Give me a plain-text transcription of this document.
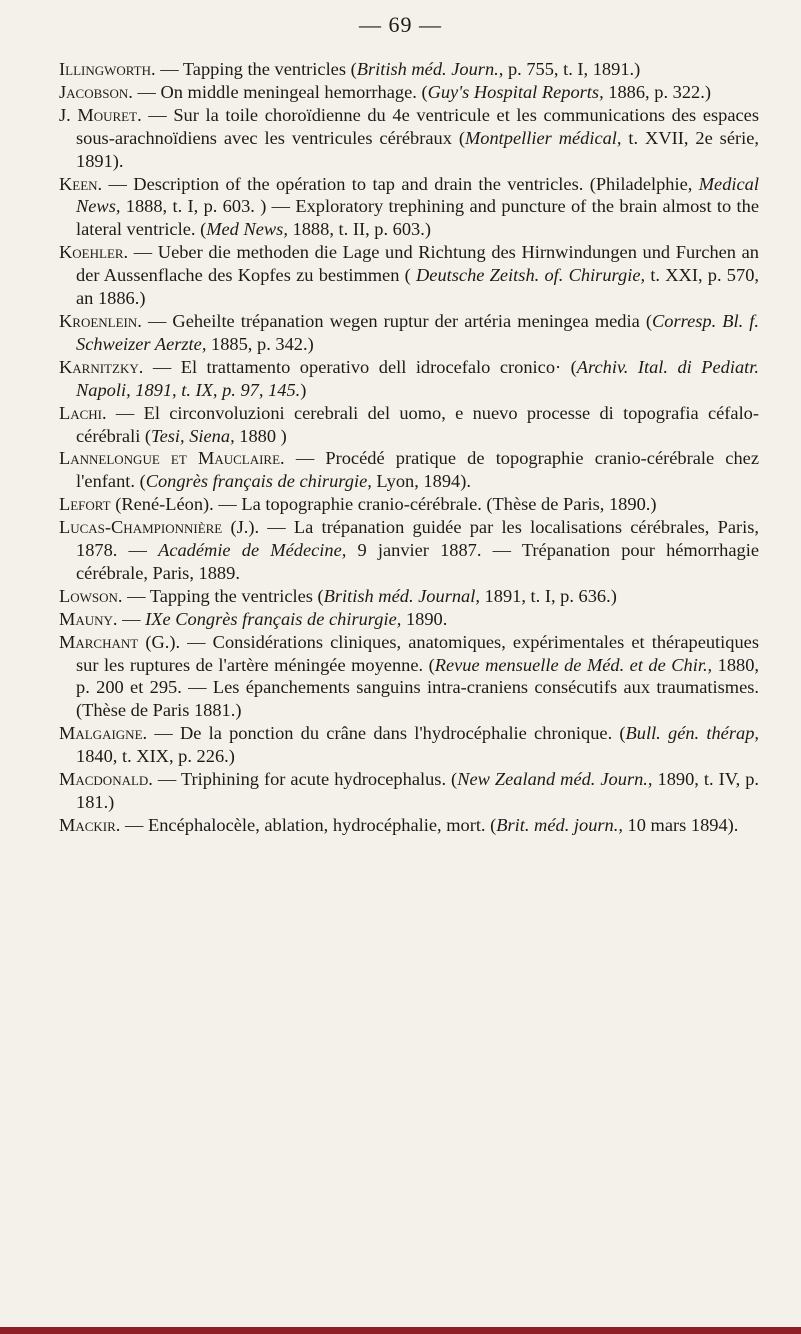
— 69 —

Illingworth. — Tapping the ventricles (British méd. Journ., p. 755, t. I, 1891.)

Jacobson. — On middle meningeal hemorrhage. (Guy's Hospital Reports, 1886, p. 322.)

J. Mouret. — Sur la toile choroïdienne du 4e ventricule et les communications des espaces sous-arachnoïdiens avec les ventricules cérébraux (Montpellier médical, t. XVII, 2e série, 1891).

Keen. — Description of the opération to tap and drain the ventricles. (Philadelphie, Medical News, 1888, t. I, p. 603. ) — Exploratory trephining and puncture of the brain almost to the lateral ventricle. (Med News, 1888, t. II, p. 603.)

Koehler. — Ueber die methoden die Lage und Richtung des Hirnwindungen und Furchen an der Aussenflache des Kopfes zu bestimmen ( Deutsche Zeitsh. of. Chirurgie, t. XXI, p. 570, an 1886.)

Kroenlein. — Geheilte trépanation wegen ruptur der artéria meningea media (Corresp. Bl. f. Schweizer Aerzte, 1885, p. 342.)

Karnitzky. — El trattamento operativo dell idrocefalo cronico· (Archiv. Ital. di Pediatr. Napoli, 1891, t. IX, p. 97, 145.)

Lachi. — El circonvoluzioni cerebrali del uomo, e nuevo processe di topografia céfalo-cérébrali (Tesi, Siena, 1880 )

Lannelongue et Mauclaire. — Procédé pratique de topographie cranio-cérébrale chez l'enfant. (Congrès français de chirurgie, Lyon, 1894).

Lefort (René-Léon). — La topographie cranio-cérébrale. (Thèse de Paris, 1890.)

Lucas-Championnière (J.). — La trépanation guidée par les localisations cérébrales, Paris, 1878. — Académie de Médecine, 9 janvier 1887. — Trépanation pour hémorrhagie cérébrale, Paris, 1889.

Lowson. — Tapping the ventricles (British méd. Journal, 1891, t. I, p. 636.)

Mauny. — IXe Congrès français de chirurgie, 1890.

Marchant (G.). — Considérations cliniques, anatomiques, expérimentales et thérapeutiques sur les ruptures de l'artère méningée moyenne. (Revue mensuelle de Méd. et de Chir., 1880, p. 200 et 295. — Les épanchements sanguins intra-craniens consécutifs aux traumatismes. (Thèse de Paris 1881.)

Malgaigne. — De la ponction du crâne dans l'hydrocéphalie chronique. (Bull. gén. thérap, 1840, t. XIX, p. 226.)

Macdonald. — Triphining for acute hydrocephalus. (New Zealand méd. Journ., 1890, t. IV, p. 181.)

Mackir. — Encéphalocèle, ablation, hydrocéphalie, mort. (Brit. méd. journ., 10 mars 1894).
